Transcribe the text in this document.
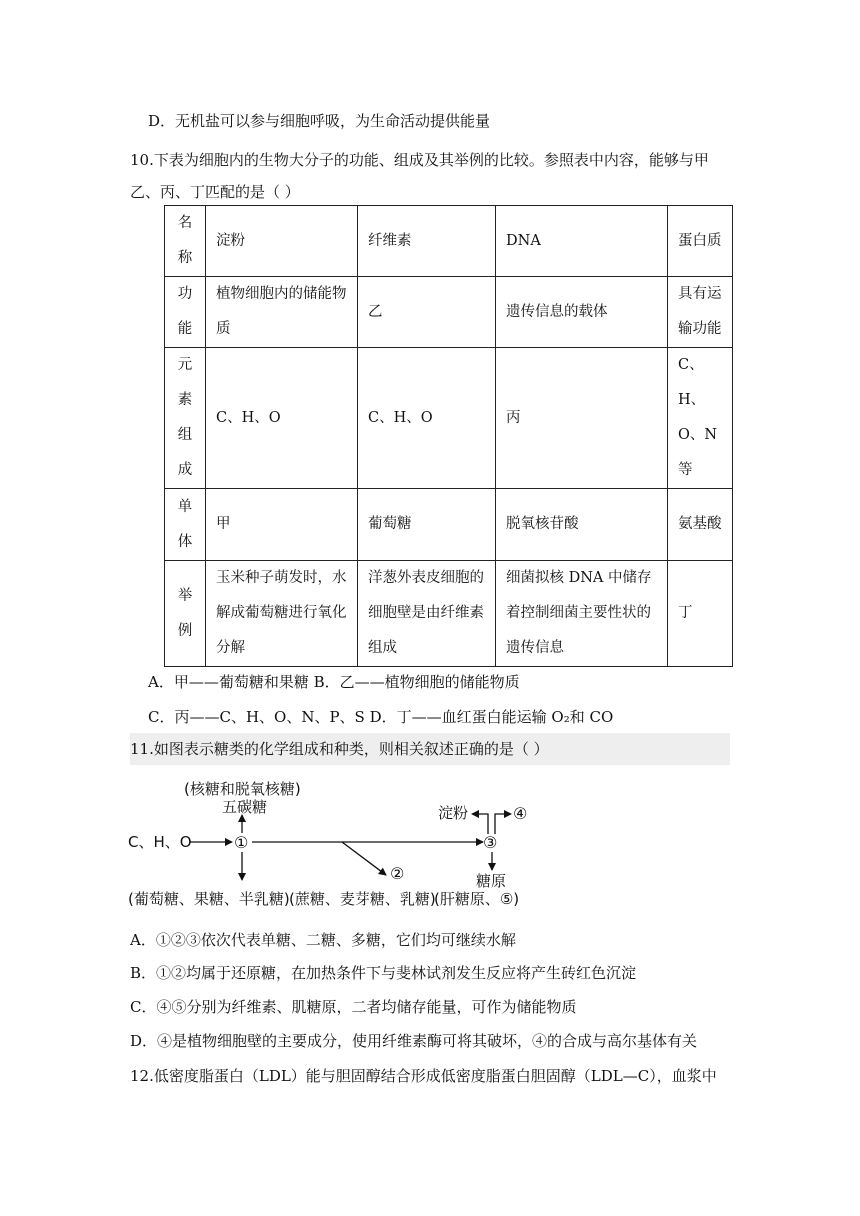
D．无机盐可以参与细胞呼吸，为生命活动提供能量
10.下表为细胞内的生物大分子的功能、组成及其举例的比较。参照表中内容，能够与甲
乙、丙、丁匹配的是（ ）
名称	淀粉	纤维素	DNA	蛋白质
功能	植物细胞内的储能物质	乙	遗传信息的载体	具有运输功能
元素组成	C、H、O	C、H、O	丙	C、H、O、N 等
单体	甲	葡萄糖	脱氧核苷酸	氨基酸
举例	玉米种子萌发时，水解成葡萄糖进行氧化分解	洋葱外表皮细胞的细胞壁是由纤维素组成	细菌拟核 DNA 中储存着控制细菌主要性状的遗传信息	丁
A．甲——葡萄糖和果糖 B．乙——植物细胞的储能物质
C．丙——C、H、O、N、P、S D．丁——血红蛋白能运输 O₂和 CO
11.如图表示糖类的化学组成和种类，则相关叙述正确的是（ ）
(核糖和脱氧核糖)
五碳糖
C、H、O	①
②
③
淀粉	④
糖原
(葡萄糖、果糖、半乳糖) (蔗糖、麦芽糖、乳糖)
(肝糖原、⑤)
A．①②③依次代表单糖、二糖、多糖，它们均可继续水解
B．①②均属于还原糖，在加热条件下与斐林试剂发生反应将产生砖红色沉淀
C．④⑤分别为纤维素、肌糖原，二者均储存能量，可作为储能物质
D．④是植物细胞壁的主要成分，使用纤维素酶可将其破坏，④的合成与高尔基体有关
12.低密度脂蛋白（LDL）能与胆固醇结合形成低密度脂蛋白胆固醇（LDL—C），血浆中
